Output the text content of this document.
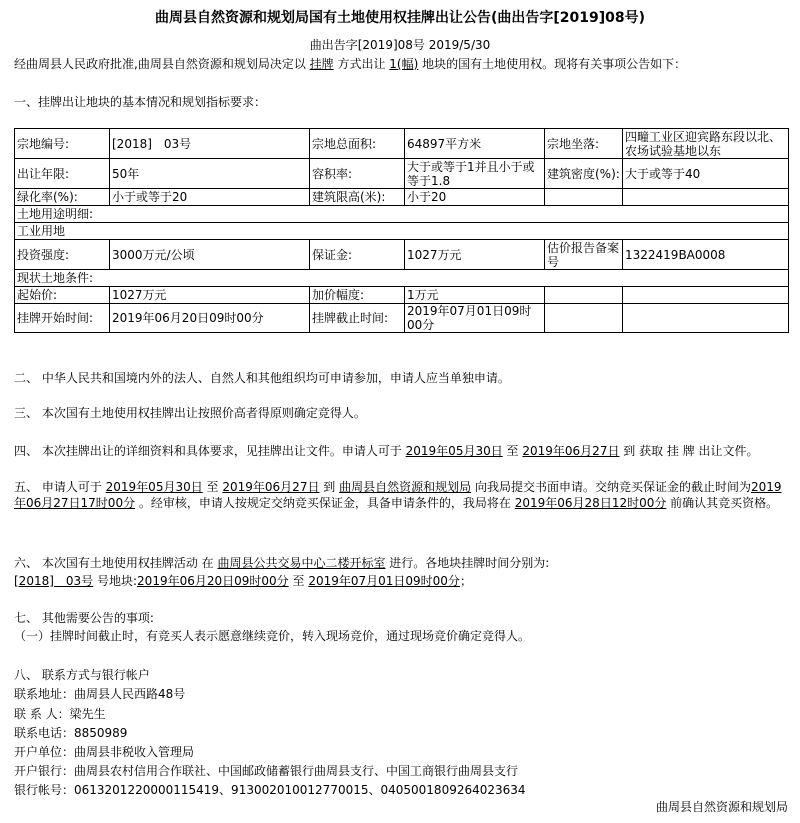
曲周县自然资源和规划局国有土地使用权挂牌出让公告(曲出告字[2019]08号)
曲出告字[2019]08号 2019/5/30
经曲周县人民政府批准,曲周县自然资源和规划局决定以 挂牌 方式出让 1(幅) 地块的国有土地使用权。现将有关事项公告如下：
一、挂牌出让地块的基本情况和规划指标要求：
宗地编号:	[2018]　03号	宗地总面积:	64897平方米	宗地坐落:	四疃工业区迎宾路东段以北、农场试验基地以东
出让年限:	50年	容积率:	大于或等于1并且小于或等于1.8	建筑密度(%):	大于或等于40
绿化率(%):	小于或等于20	建筑限高(米):	小于20		
土地用途明细:					
工业用地					
投资强度:	3000万元/公顷	保证金:	1027万元	估价报告备案号	1322419BA0008
现状土地条件:					
起始价:	1027万元	加价幅度:	1万元		
挂牌开始时间:	2019年06月20日09时00分	挂牌截止时间:	2019年07月01日09时00分		
二、 中华人民共和国境内外的法人、自然人和其他组织均可申请参加，申请人应当单独申请。
三、 本次国有土地使用权挂牌出让按照价高者得原则确定竞得人。
四、 本次挂牌出让的详细资料和具体要求，见挂牌出让文件。申请人可于 2019年05月30日 至 2019年06月27日 到 获取 挂 牌 出让文件。
五、 申请人可于 2019年05月30日 至 2019年06月27日 到 曲周县自然资源和规划局 向我局提交书面申请。交纳竞买保证金的截止时间为2019年06月27日17时00分 。经审核，申请人按规定交纳竞买保证金，具备申请条件的，我局将在 2019年06月28日12时00分 前确认其竞买资格。
六、 本次国有土地使用权挂牌活动 在 曲周县公共交易中心二楼开标室 进行。各地块挂牌时间分别为:
[2018]　03号 号地块:2019年06月20日09时00分 至 2019年07月01日09时00分；
七、 其他需要公告的事项:
（一）挂牌时间截止时，有竞买人表示愿意继续竞价，转入现场竞价，通过现场竞价确定竞得人。
八、 联系方式与银行帐户
联系地址：曲周县人民西路48号
联 系 人：梁先生
联系电话：8850989
开户单位：曲周县非税收入管理局
开户银行：曲周县农村信用合作联社、中国邮政储蓄银行曲周县支行、中国工商银行曲周县支行
银行帐号：0613201220000115419、913002010012770015、0405001809264023634
曲周县自然资源和规划局
